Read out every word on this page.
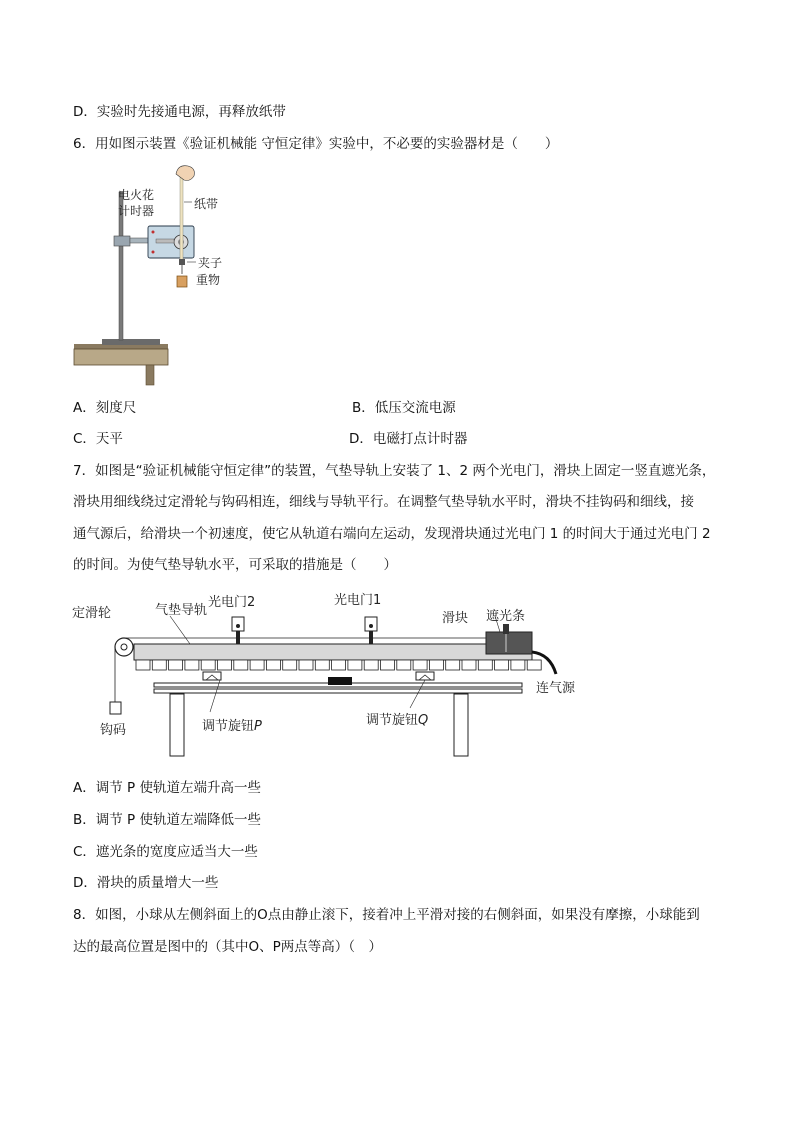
D．实验时先接通电源，再释放纸带
6．用如图示装置《验证机械能 守恒定律》实验中，不必要的实验器材是（　　）
电火花
计时器	纸带
夹子
重物
A．刻度尺	B．低压交流电源
C．天平	D．电磁打点计时器
7．如图是“验证机械能守恒定律”的装置，气垫导轨上安装了 1、2 两个光电门，滑块上固定一竖直遮光条，
滑块用细线绕过定滑轮与钩码相连，细线与导轨平行。在调整气垫导轨水平时，滑块不挂钩码和细线，接
通气源后，给滑块一个初速度，使它从轨道右端向左运动，发现滑块通过光电门 1 的时间大于通过光电门 2
的时间。为使气垫导轨水平，可采取的措施是（　　）
定滑轮	气垫导轨
光电门2	光电门1
滑块 遮光条
连气源
钩码	调节旋钮P	调节旋钮Q
A．调节 P 使轨道左端升高一些
B．调节 P 使轨道左端降低一些
C．遮光条的宽度应适当大一些
D．滑块的质量增大一些
8．如图，小球从左侧斜面上的O点由静止滚下，接着冲上平滑对接的右侧斜面，如果没有摩擦，小球能到
达的最高位置是图中的（其中O、P两点等高）（　）
